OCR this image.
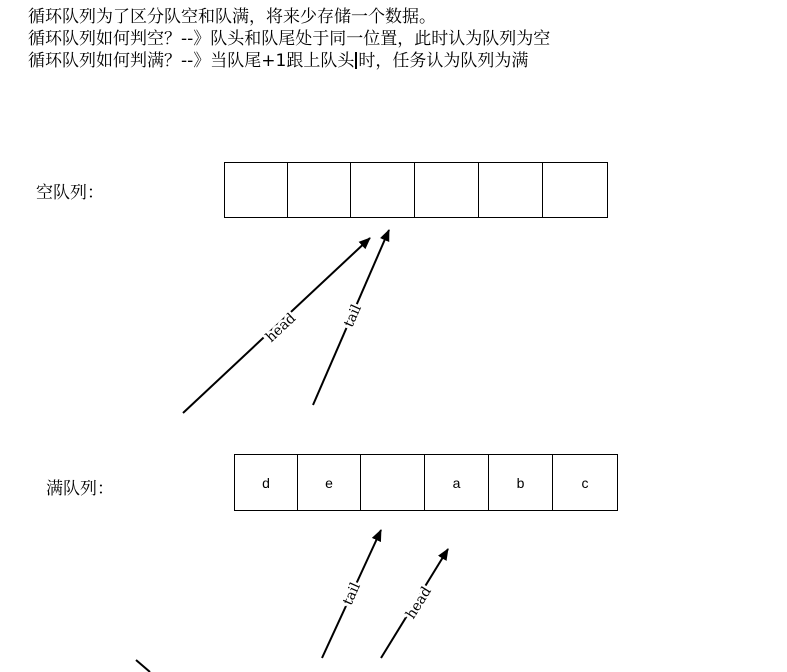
循环队列为了区分队空和队满，将来少存储一个数据。
循环队列如何判空？--》队头和队尾处于同一位置，此时认为队列为空
循环队列如何判满？--》当队尾+1跟上队头 时，任务认为队列为满
空队列：
满队列：	d	e	a	b	c
head	tail
tail	head
